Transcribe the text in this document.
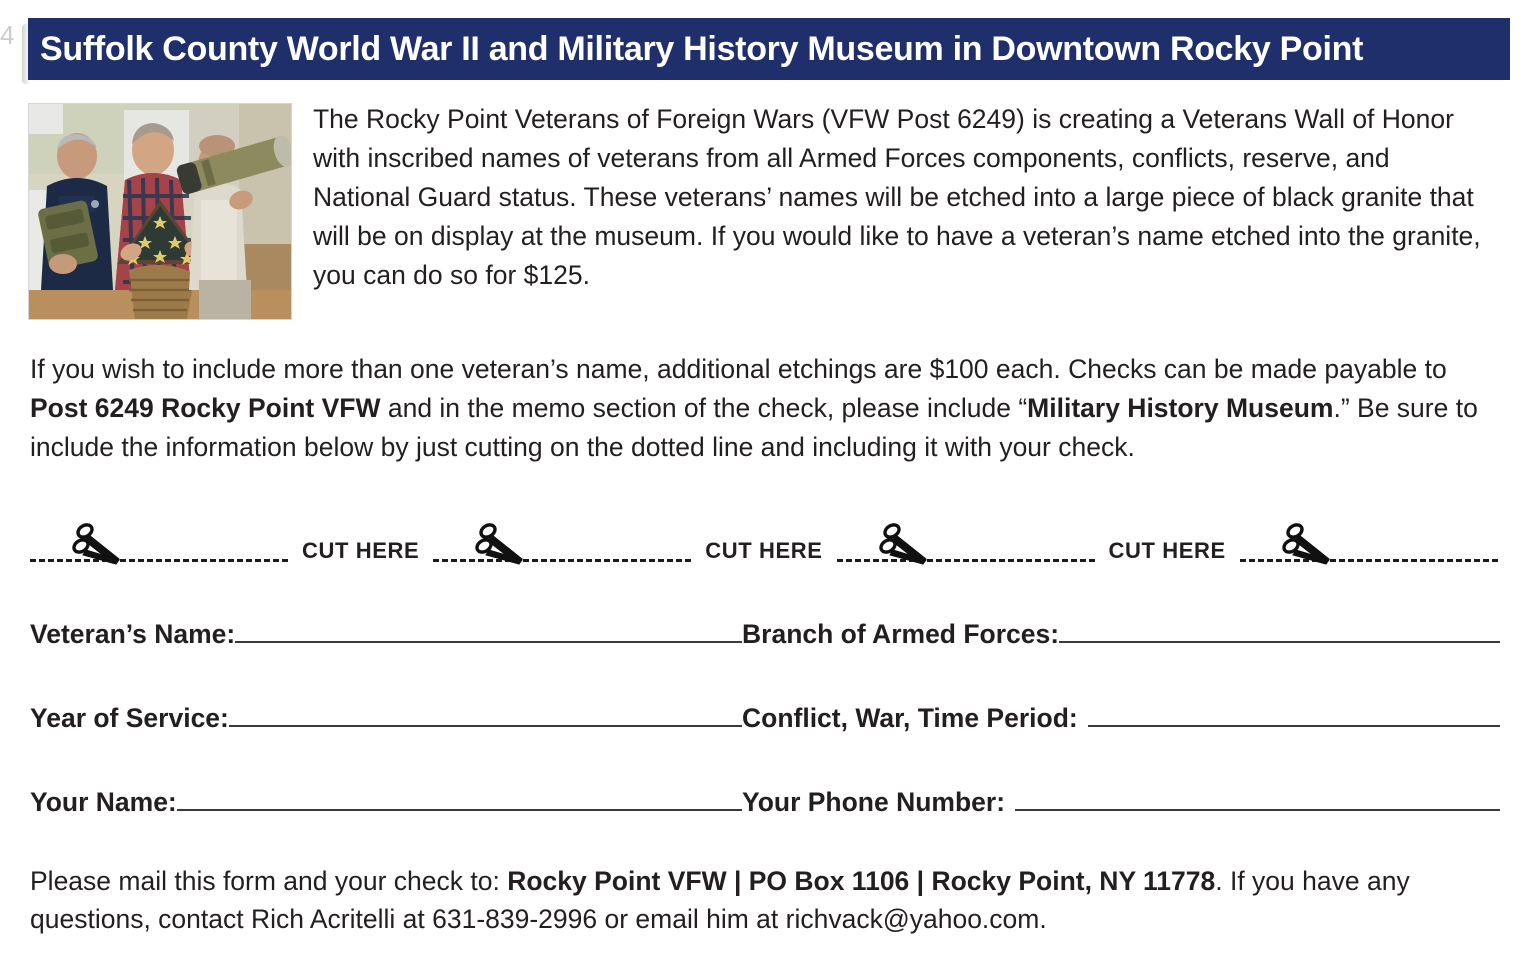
4 Suffolk County World War II and Military History Museum in Downtown Rocky Point
The Rocky Point Veterans of Foreign Wars (VFW Post 6249) is creating a Veterans Wall of Honor with inscribed names of veterans from all Armed Forces components, conflicts, reserve, and National Guard status. These veterans’ names will be etched into a large piece of black granite that will be on display at the museum. If you would like to have a veteran’s name etched into the granite, you can do so for $125.
If you wish to include more than one veteran’s name, additional etchings are $100 each. Checks can be made payable to Post 6249 Rocky Point VFW and in the memo section of the check, please include “Military History Museum.” Be sure to include the information below by just cutting on the dotted line and including it with your check.
CUT HERE	CUT HERE	CUT HERE
Veteran’s Name:	Branch of Armed Forces:
Year of Service:	Conflict, War, Time Period:
Your Name:	Your Phone Number:
Please mail this form and your check to: Rocky Point VFW | PO Box 1106 | Rocky Point, NY 11778. If you have any questions, contact Rich Acritelli at 631-839-2996 or email him at richvack@yahoo.com.
